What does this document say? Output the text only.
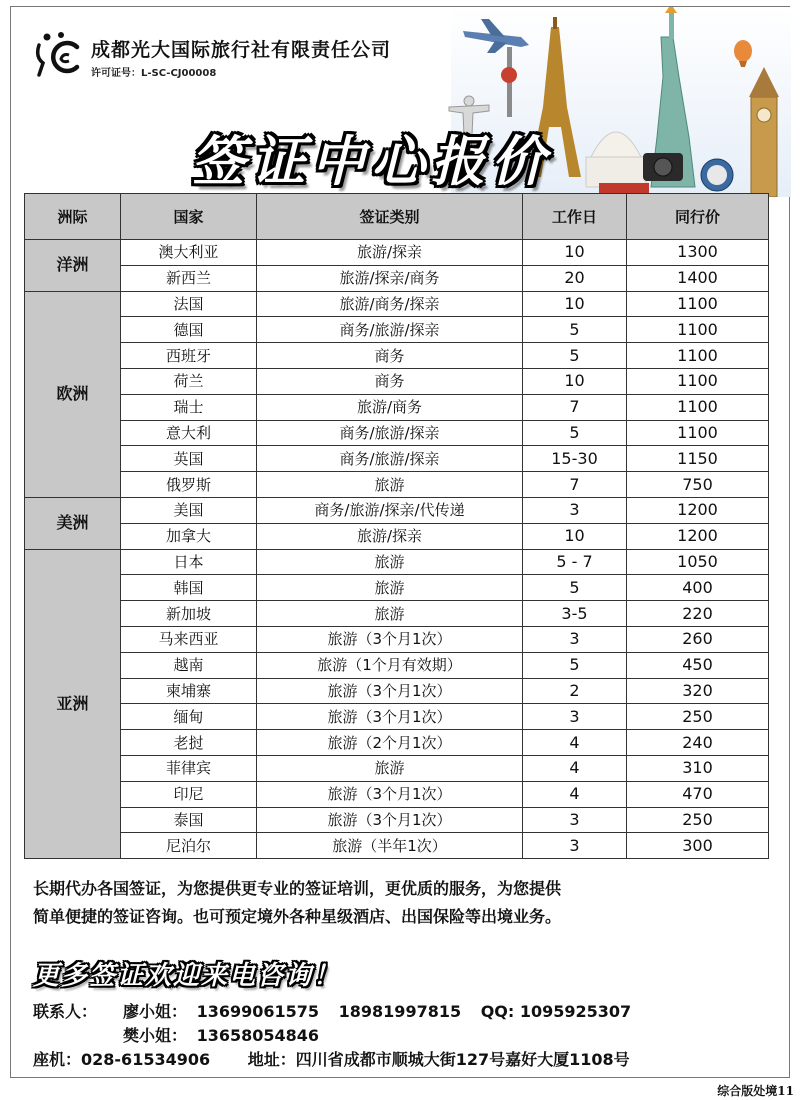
成都光大国际旅行社有限责任公司
许可证号：L-SC-CJ00008
签证中心报价
洲际	国家	签证类别	工作日	同行价
洋洲	澳大利亚	旅游/探亲	10	1300
	新西兰	旅游/探亲/商务	20	1400
欧洲	法国	旅游/商务/探亲	10	1100
	德国	商务/旅游/探亲	5	1100
	西班牙	商务	5	1100
	荷兰	商务	10	1100
	瑞士	旅游/商务	7	1100
	意大利	商务/旅游/探亲	5	1100
	英国	商务/旅游/探亲	15-30	1150
	俄罗斯	旅游	7	750
美洲	美国	商务/旅游/探亲/代传递	3	1200
	加拿大	旅游/探亲	10	1200
亚洲	日本	旅游	5 - 7	1050
	韩国	旅游	5	400
	新加坡	旅游	3-5	220
	马来西亚	旅游（3个月1次）	3	260
	越南	旅游（1个月有效期）	5	450
	柬埔寨	旅游（3个月1次）	2	320
	缅甸	旅游（3个月1次）	3	250
	老挝	旅游（2个月1次）	4	240
	菲律宾	旅游	4	310
	印尼	旅游（3个月1次）	4	470
	泰国	旅游（3个月1次）	3	250
	尼泊尔	旅游（半年1次）	3	300
长期代办各国签证，为您提供更专业的签证培训，更优质的服务，为您提供
简单便捷的签证咨询。也可预定境外各种星级酒店、出国保险等出境业务。
更多签证欢迎来电咨询！
联系人： 廖小姐： 13699061575 18981997815 QQ: 1095925307
樊小姐： 13658054846
座机：028-61534906 地址：四川省成都市顺城大街127号嘉好大厦1108号
综合版处境11
